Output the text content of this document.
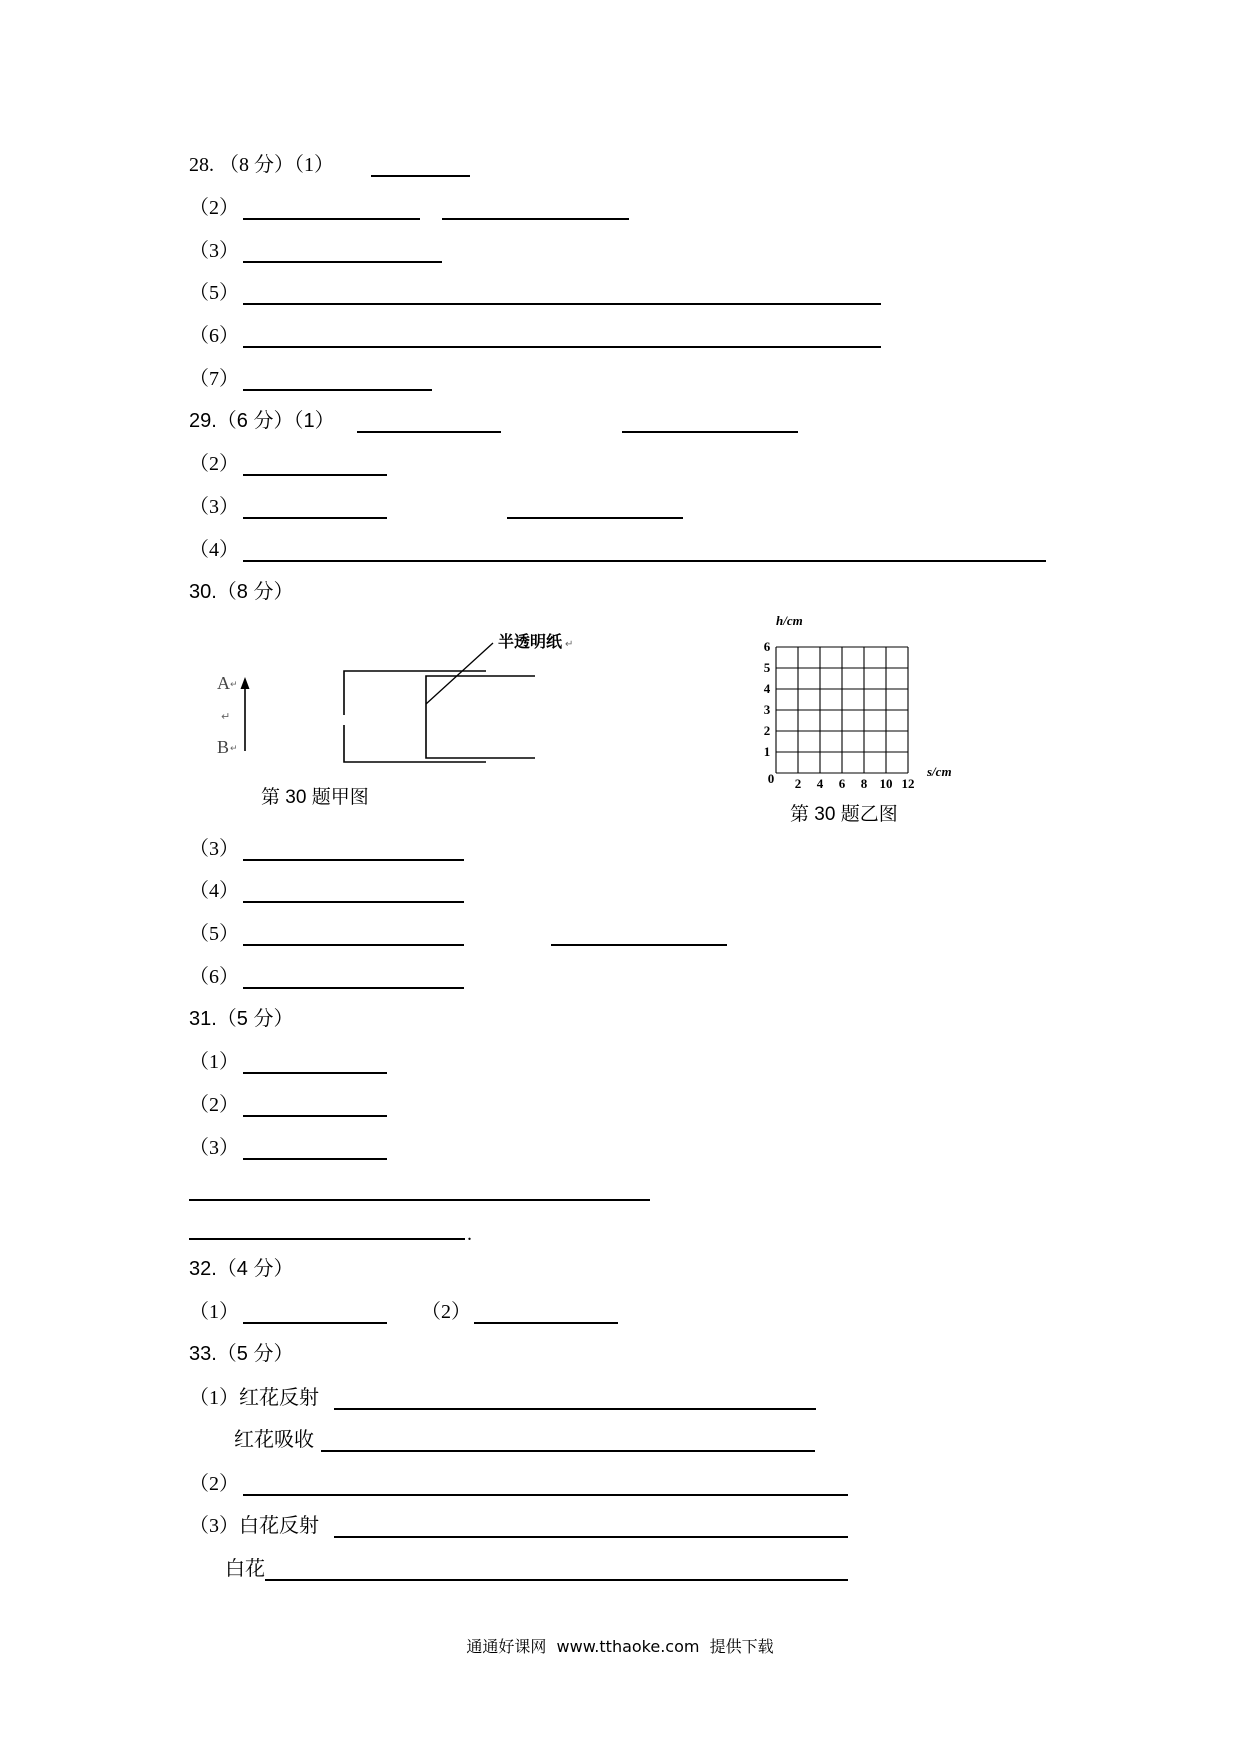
28. （8 分）（1）
（2）
（3）
（5）
（6）
（7）
29.（6 分）（1）
（2）
（3）
（4）
30.（8 分）
A ↵
↵
B ↵
半透明纸 ↵
第 30 题甲图
h/cm
6
5
4
3
2
1
0 2 4 6 8 10 12
s/cm
第 30 题乙图
（3）
（4）
（5）
（6）
31.（5 分）
（1）
（2）
（3）
.
32.（4 分）
（1）	（2）
33.（5 分）
（1）红花反射
红花吸收
（2）
（3）白花反射
白花
通通好课网  www.tthaoke.com  提供下载
